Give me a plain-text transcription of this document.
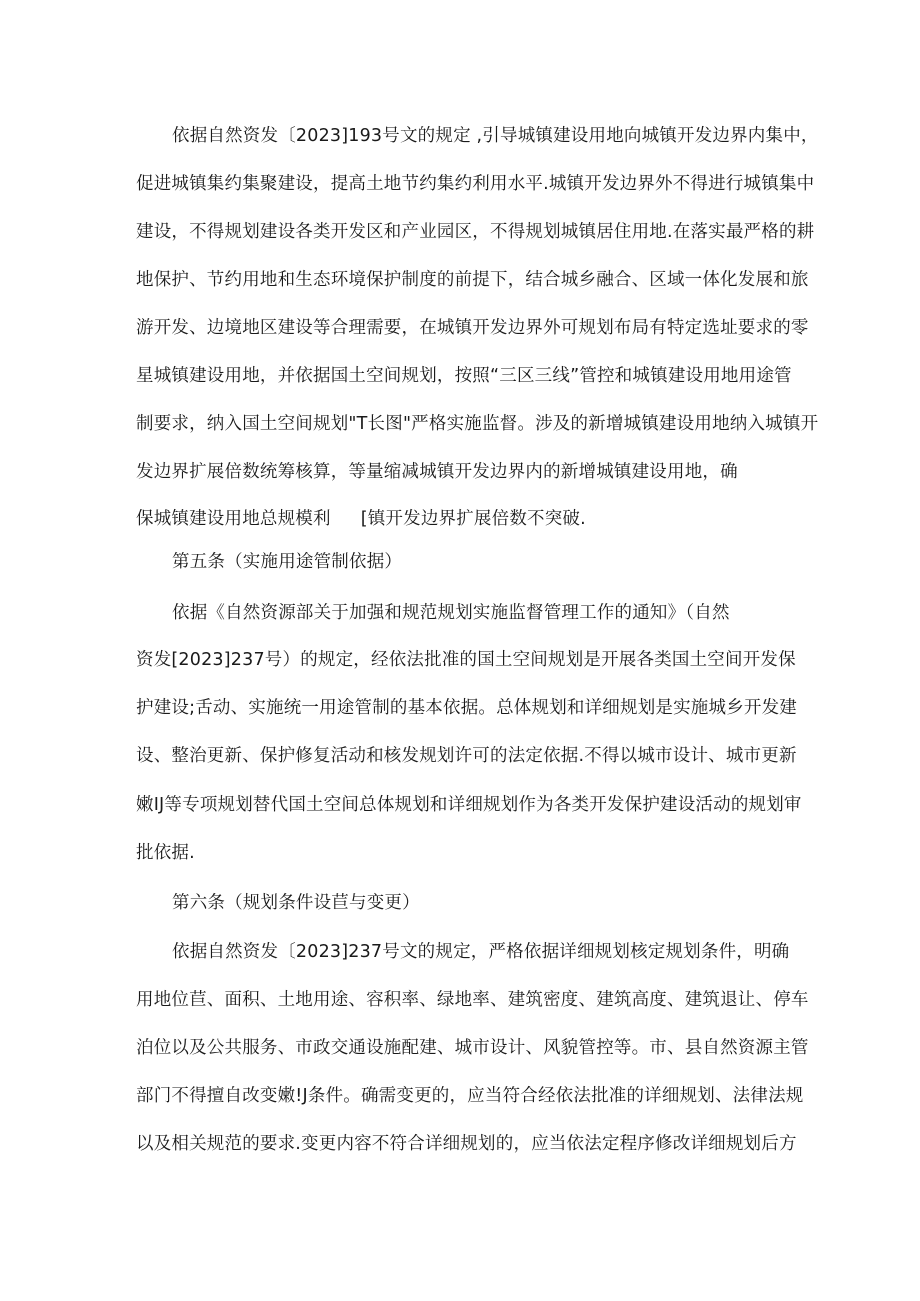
依据自然资发〔2023]193号文的规定 ,引导城镇建设用地向城镇开发边界内集中，
促进城镇集约集聚建设，提高土地节约集约利用水平.城镇开发边界外不得进行城镇集中
建设，不得规划建设各类开发区和产业园区，不得规划城镇居住用地.在落实最严格的耕
地保护、节约用地和生态环境保护制度的前提下，结合城乡融合、区域一体化发展和旅
游开发、边境地区建设等合理需要，在城镇开发边界外可规划布局有特定选址要求的零
星城镇建设用地，并依据国土空间规划，按照“三区三线”管控和城镇建设用地用途管
制要求，纳入国土空间规划"T长图"严格实施监督。涉及的新增城镇建设用地纳入城镇开
发边界扩展倍数统筹核算，等量缩减城镇开发边界内的新增城镇建设用地，确
保城镇建设用地总规模利 [镇开发边界扩展倍数不突破.
第五条（实施用途管制依据）
依据《自然资源部关于加强和规范规划实施监督管理工作的通知》（自然
资发[2023]237号）的规定，经依法批准的国土空间规划是开展各类国土空间开发保
护建设;舌动、实施统一用途管制的基本依据。总体规划和详细规划是实施城乡开发建
设、整治更新、保护修复活动和核发规划许可的法定依据.不得以城市设计、城市更新
嫩IJ等专项规划替代国土空间总体规划和详细规划作为各类开发保护建设活动的规划审
批依据.
第六条（规划条件设苣与变更）
依据自然资发〔2023]237号文的规定，严格依据详细规划核定规划条件，明确
用地位苣、面积、土地用途、容积率、绿地率、建筑密度、建筑高度、建筑退让、停车
泊位以及公共服务、市政交通设施配建、城市设计、风貌管控等。市、县自然资源主管
部门不得擅自改变嫩!J条件。确需变更的，应当符合经依法批准的详细规划、法律法规
以及相关规范的要求.变更内容不符合详细规划的，应当依法定程序修改详细规划后方
